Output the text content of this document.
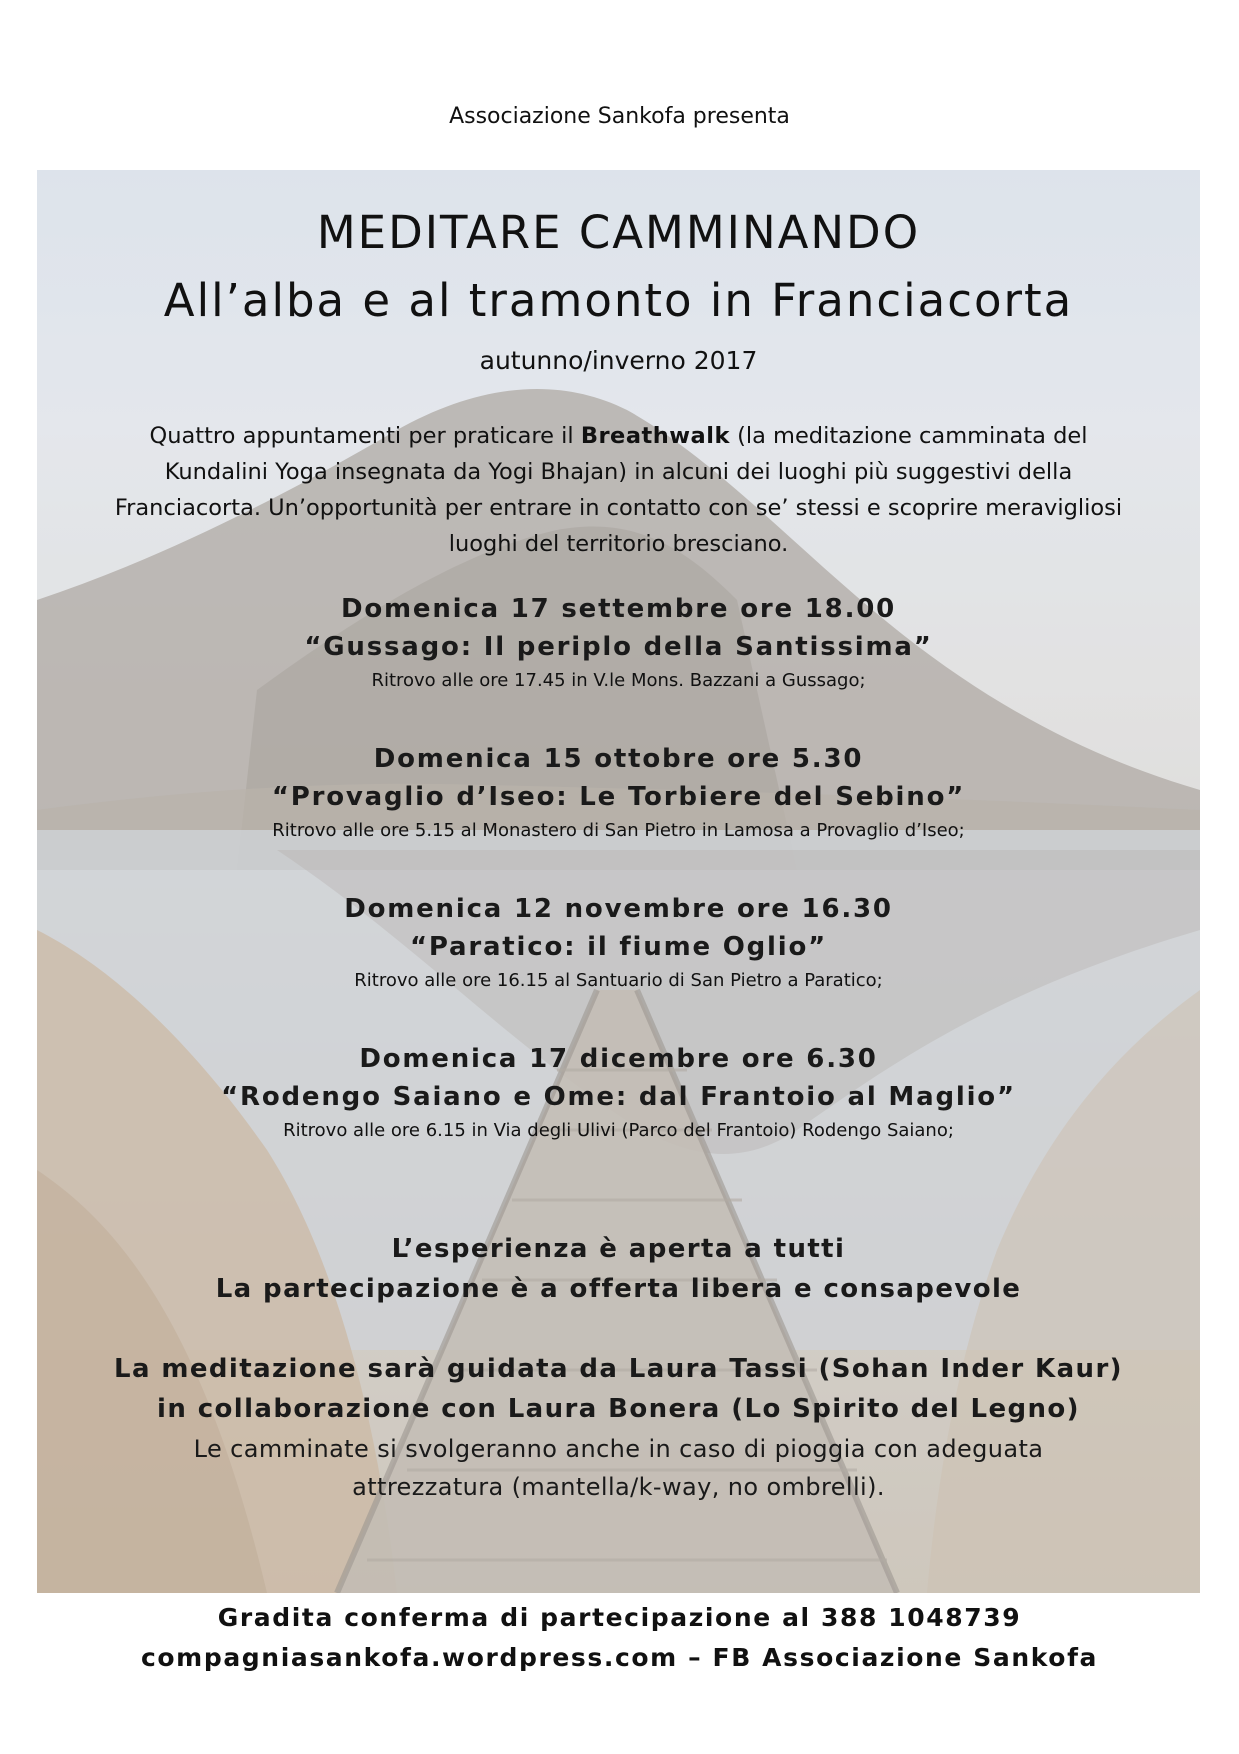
Associazione Sankofa presenta
MEDITARE CAMMINANDO
All’alba e al tramonto in Franciacorta
autunno/inverno 2017
Quattro appuntamenti per praticare il Breathwalk (la meditazione camminata del Kundalini Yoga insegnata da Yogi Bhajan) in alcuni dei luoghi più suggestivi della Franciacorta. Un’opportunità per entrare in contatto con se’ stessi e scoprire meravigliosi luoghi del territorio bresciano.
Domenica 17 settembre ore 18.00
“Gussago: Il periplo della Santissima”
Ritrovo alle ore 17.45 in V.le Mons. Bazzani a Gussago;
Domenica 15 ottobre ore 5.30
“Provaglio d’Iseo: Le Torbiere del Sebino”
Ritrovo alle ore 5.15 al Monastero di San Pietro in Lamosa a Provaglio d’Iseo;
Domenica 12 novembre ore 16.30
“Paratico: il fiume Oglio”
Ritrovo alle ore 16.15 al Santuario di San Pietro a Paratico;
Domenica 17 dicembre ore 6.30
“Rodengo Saiano e Ome: dal Frantoio al Maglio”
Ritrovo alle ore 6.15 in Via degli Ulivi (Parco del Frantoio) Rodengo Saiano;
L’esperienza è aperta a tutti
La partecipazione è a offerta libera e consapevole
La meditazione sarà guidata da Laura Tassi (Sohan Inder Kaur)
in collaborazione con Laura Bonera (Lo Spirito del Legno)
Le camminate si svolgeranno anche in caso di pioggia con adeguata attrezzatura (mantella/k-way, no ombrelli).
Gradita conferma di partecipazione al 388 1048739
compagniasankofa.wordpress.com – FB Associazione Sankofa
